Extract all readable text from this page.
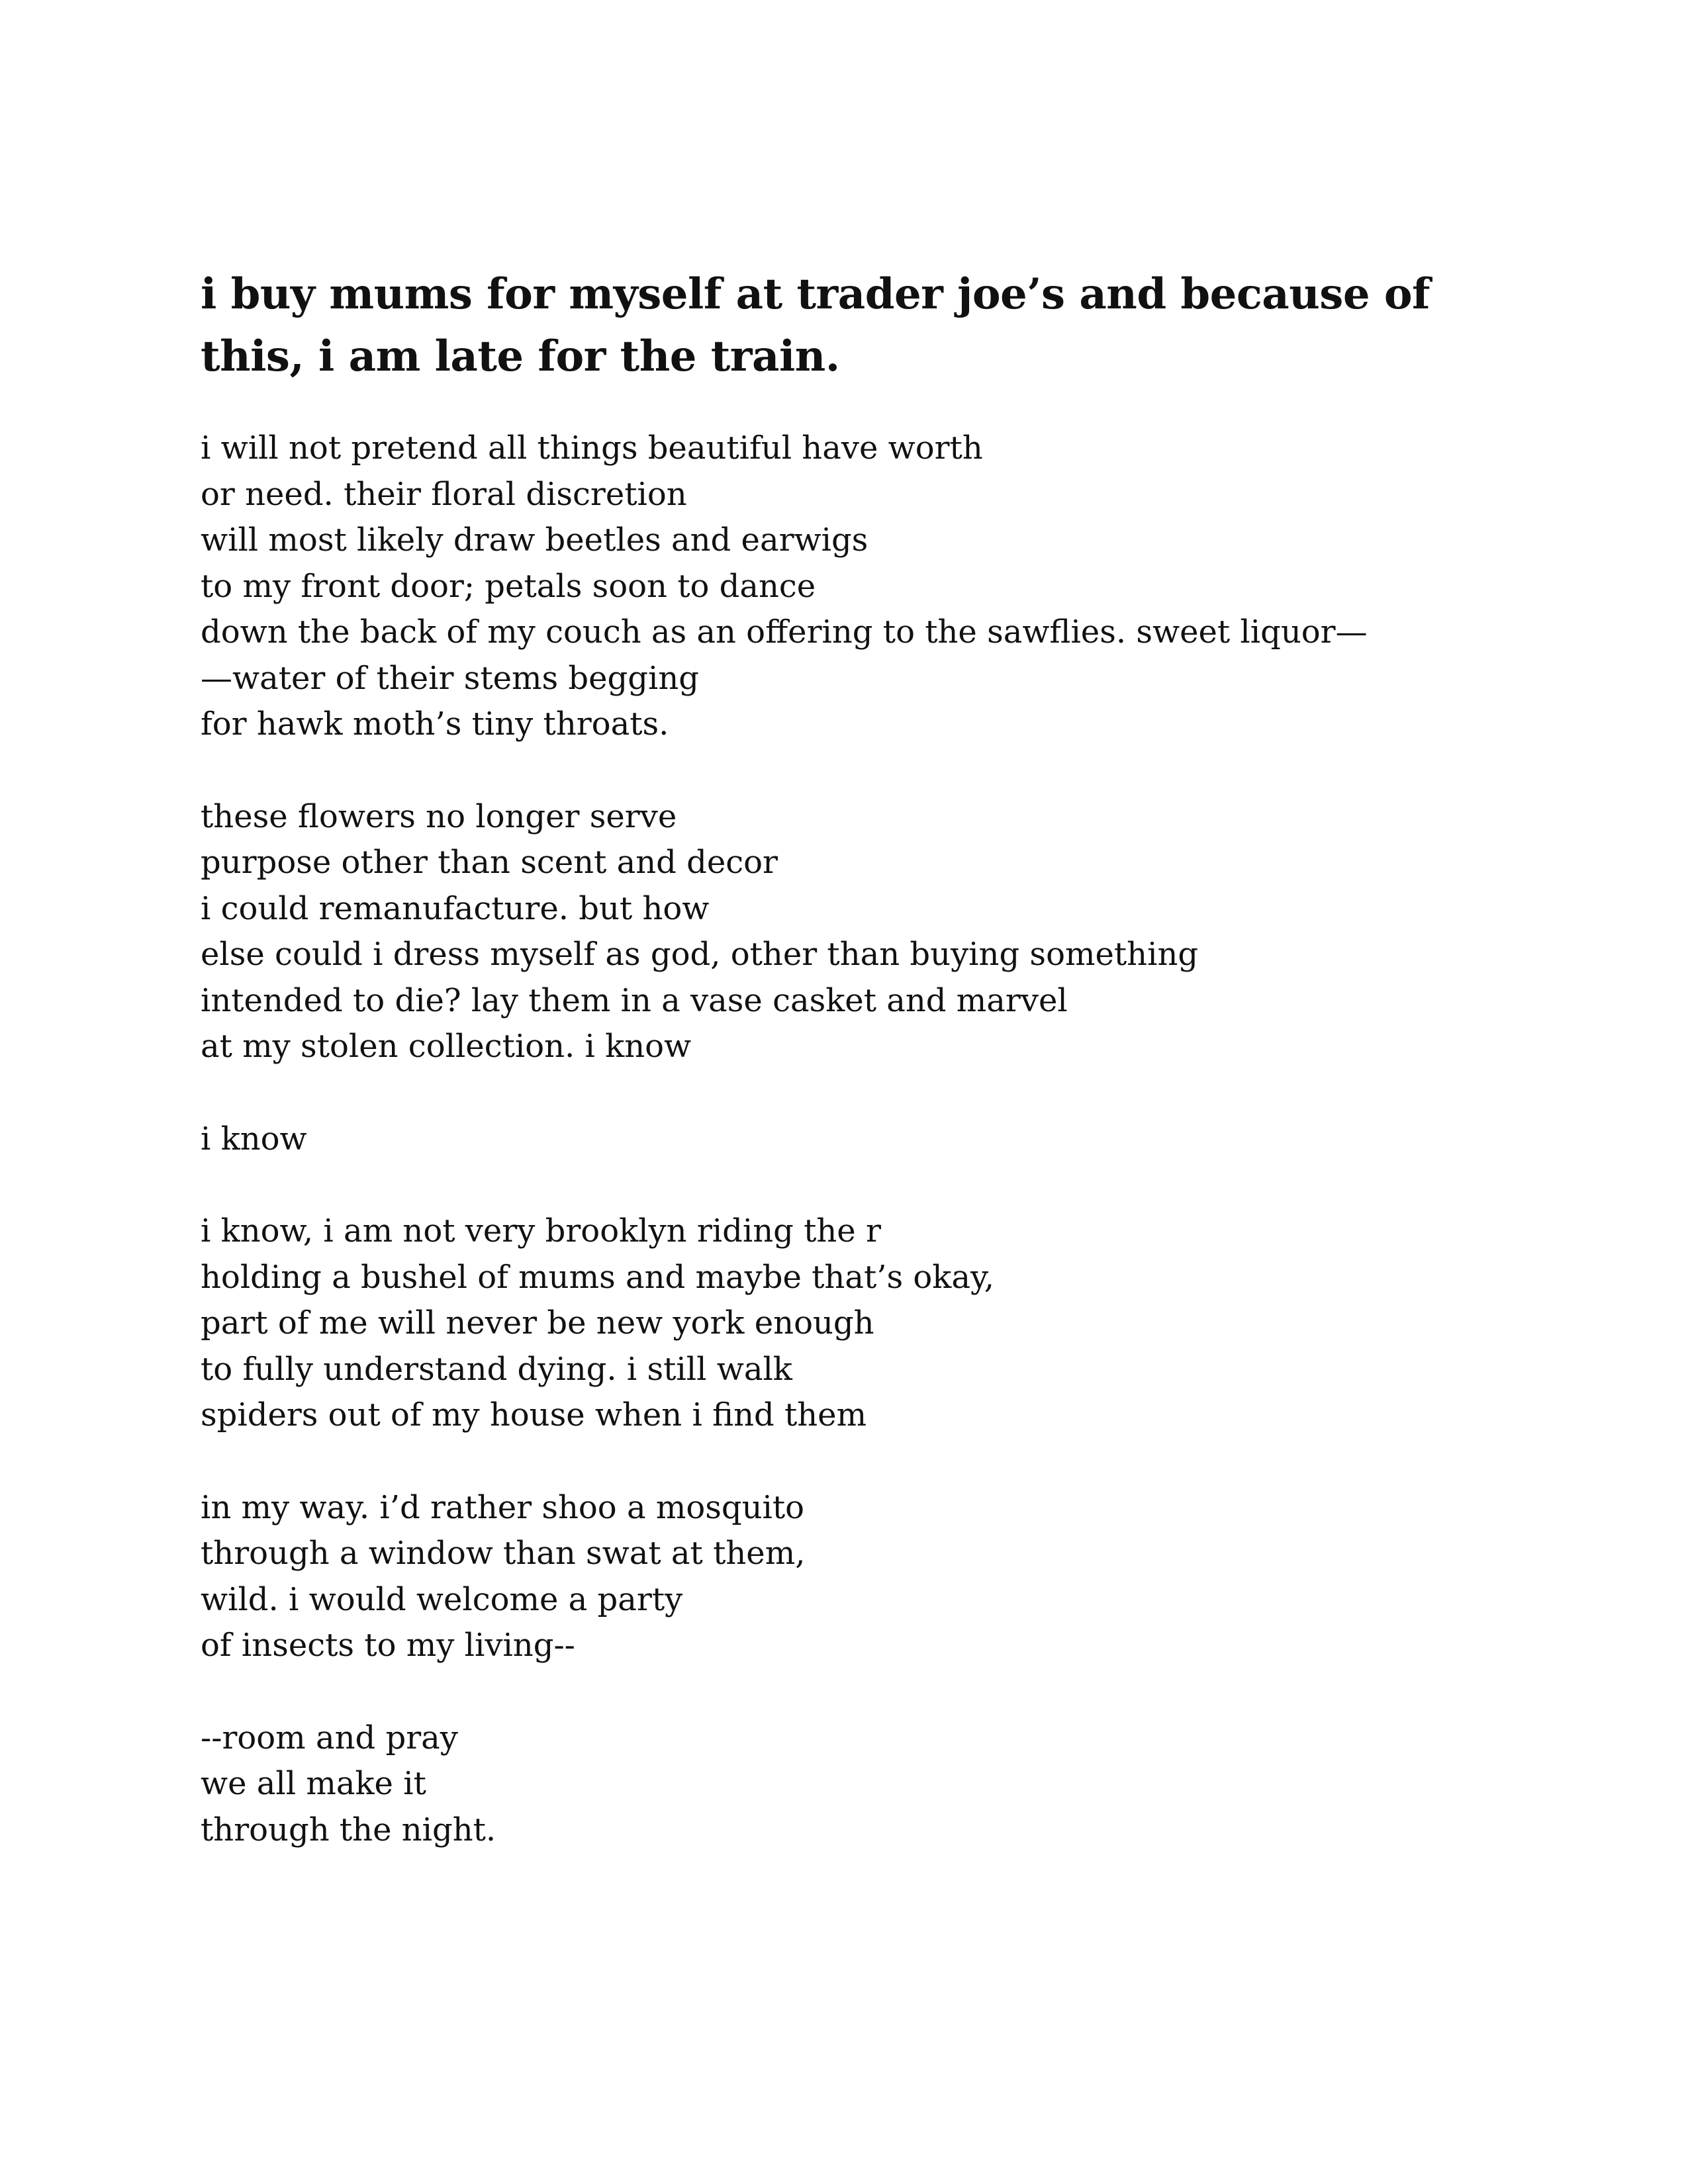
i buy mums for myself at trader joe’s and because of this, i am late for the train.
i will not pretend all things beautiful have worth
or need. their floral discretion
will most likely draw beetles and earwigs
to my front door; petals soon to dance
down the back of my couch as an offering to the sawflies. sweet liquor—
—water of their stems begging
for hawk moth’s tiny throats.
these flowers no longer serve
purpose other than scent and decor
i could remanufacture. but how
else could i dress myself as god, other than buying something
intended to die? lay them in a vase casket and marvel
at my stolen collection. i know
i know
i know, i am not very brooklyn riding the r
holding a bushel of mums and maybe that’s okay,
part of me will never be new york enough
to fully understand dying. i still walk
spiders out of my house when i find them
in my way. i’d rather shoo a mosquito
through a window than swat at them,
wild. i would welcome a party
of insects to my living--
--room and pray
we all make it
through the night.
